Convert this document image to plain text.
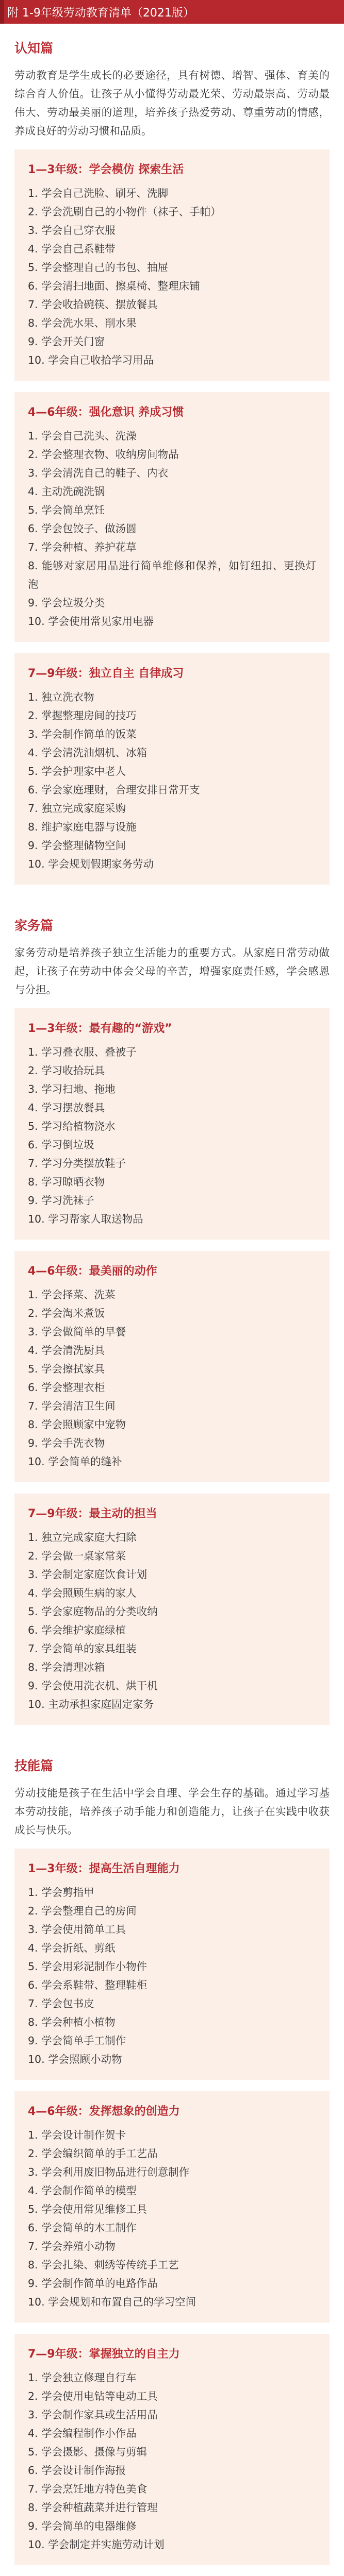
附 1-9年级劳动教育清单（2021版）
认知篇

劳动教育是学生成长的必要途径，具有树德、增智、强体、育美的综合育人价值。让孩子从小懂得劳动最光荣、劳动最崇高、劳动最伟大、劳动最美丽的道理，培养孩子热爱劳动、尊重劳动的情感，养成良好的劳动习惯和品质。

1—3年级：学会模仿 探索生活
1. 学会自己洗脸、刷牙、洗脚
2. 学会洗刷自己的小物件（袜子、手帕）
3. 学会自己穿衣服
4. 学会自己系鞋带
5. 学会整理自己的书包、抽屉
6. 学会清扫地面、擦桌椅、整理床铺
7. 学会收拾碗筷、摆放餐具
8. 学会洗水果、削水果
9. 学会开关门窗
10. 学会自己收拾学习用品
4—6年级：强化意识 养成习惯
1. 学会自己洗头、洗澡
2. 学会整理衣物、收纳房间物品
3. 学会清洗自己的鞋子、内衣
4. 主动洗碗洗锅
5. 学会简单烹饪
6. 学会包饺子、做汤圆
7. 学会种植、养护花草
8. 能够对家居用品进行简单维修和保养，如钉纽扣、更换灯泡
9. 学会垃圾分类
10. 学会使用常见家用电器
7—9年级：独立自主 自律成习
1. 独立洗衣物
2. 掌握整理房间的技巧
3. 学会制作简单的饭菜
4. 学会清洗油烟机、冰箱
5. 学会护理家中老人
6. 学会家庭理财，合理安排日常开支
7. 独立完成家庭采购
8. 维护家庭电器与设施
9. 学会整理储物空间
10. 学会规划假期家务劳动
家务篇

家务劳动是培养孩子独立生活能力的重要方式。从家庭日常劳动做起，让孩子在劳动中体会父母的辛苦，增强家庭责任感，学会感恩与分担。

1—3年级：最有趣的“游戏”
1. 学习叠衣服、叠被子
2. 学习收拾玩具
3. 学习扫地、拖地
4. 学习摆放餐具
5. 学习给植物浇水
6. 学习倒垃圾
7. 学习分类摆放鞋子
8. 学习晾晒衣物
9. 学习洗袜子
10. 学习帮家人取送物品
4—6年级：最美丽的动作
1. 学会择菜、洗菜
2. 学会淘米煮饭
3. 学会做简单的早餐
4. 学会清洗厨具
5. 学会擦拭家具
6. 学会整理衣柜
7. 学会清洁卫生间
8. 学会照顾家中宠物
9. 学会手洗衣物
10. 学会简单的缝补
7—9年级：最主动的担当
1. 独立完成家庭大扫除
2. 学会做一桌家常菜
3. 学会制定家庭饮食计划
4. 学会照顾生病的家人
5. 学会家庭物品的分类收纳
6. 学会维护家庭绿植
7. 学会简单的家具组装
8. 学会清理冰箱
9. 学会使用洗衣机、烘干机
10. 主动承担家庭固定家务
技能篇

劳动技能是孩子在生活中学会自理、学会生存的基础。通过学习基本劳动技能，培养孩子动手能力和创造能力，让孩子在实践中收获成长与快乐。

1—3年级：提高生活自理能力
1. 学会剪指甲
2. 学会整理自己的房间
3. 学会使用简单工具
4. 学会折纸、剪纸
5. 学会用彩泥制作小物件
6. 学会系鞋带、整理鞋柜
7. 学会包书皮
8. 学会种植小植物
9. 学会简单手工制作
10. 学会照顾小动物
4—6年级：发挥想象的创造力
1. 学会设计制作贺卡
2. 学会编织简单的手工艺品
3. 学会利用废旧物品进行创意制作
4. 学会制作简单的模型
5. 学会使用常见维修工具
6. 学会简单的木工制作
7. 学会养殖小动物
8. 学会扎染、刺绣等传统手工艺
9. 学会制作简单的电路作品
10. 学会规划和布置自己的学习空间
7—9年级：掌握独立的自主力
1. 学会独立修理自行车
2. 学会使用电钻等电动工具
3. 学会制作家具或生活用品
4. 学会编程制作小作品
5. 学会摄影、摄像与剪辑
6. 学会设计制作海报
7. 学会烹饪地方特色美食
8. 学会种植蔬菜并进行管理
9. 学会简单的电器维修
10. 学会制定并实施劳动计划
